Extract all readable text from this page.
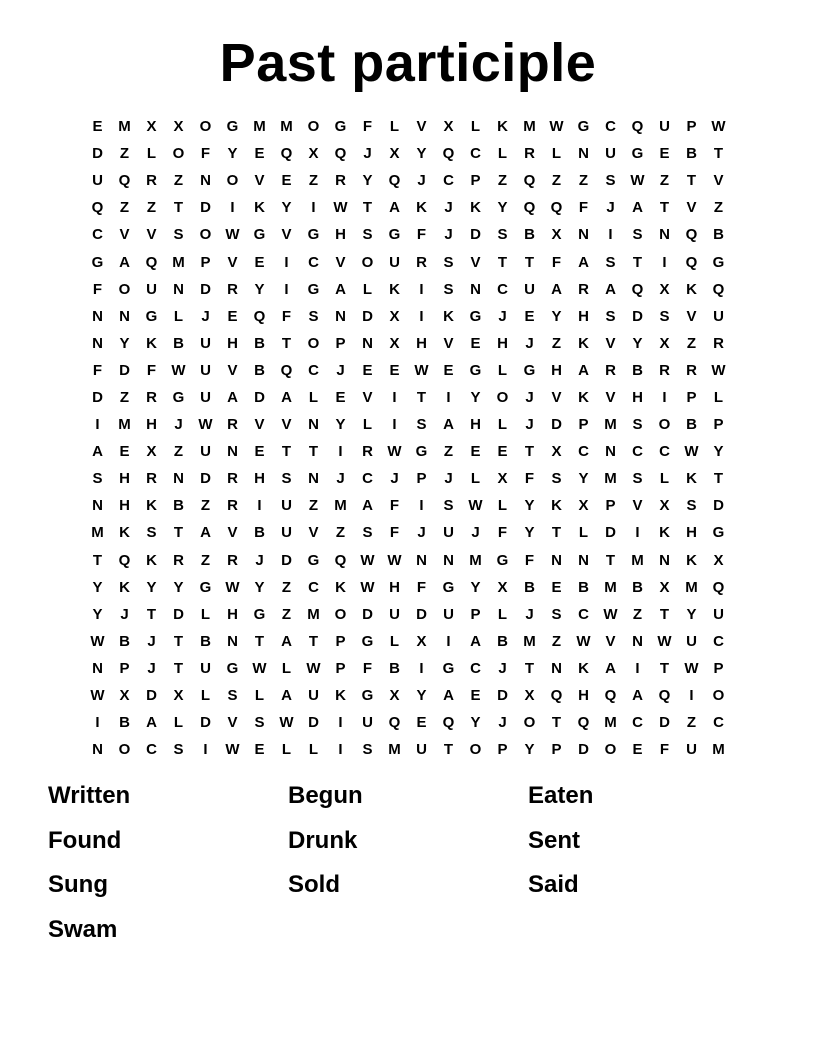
Past participle
E	M	X	X	O	G M M O	G	F	L	V	X	L	K	M W G	C	Q	U	P W
D	Z	L	O	F	Y	E	Q	X	Q	J	X	Y	Q	C	L	R	L	N	U	G	E	B	T
U	Q	R	Z	N	O	V	E	Z	R	Y	Q	J	C	P	Z	Q	Z	Z	S W	Z	T	V
Q	Z	Z	T	D	I	K	Y	I	W	T	A	K	J	K	Y	Q	Q	F	J	A	T	V	Z
C	V	V	S	O W G	V	G	H	S	G	F	J	D	S	B	X	N	I	S	N	Q	B
G	A	Q M	P	V	E	I	C	V	O	U	R	S	V	T	T	F	A	S	T	I	Q	G
F	O	U	N	D	R	Y	I	G	A	L	K	I	S	N	C	U	A	R	A	Q	X	K	Q
N	N	G	L	J	E	Q	F	S	N	D	X	I	K	G	J	E	Y	H	S	D	S	V	U
N	Y	K	B	U	H	B	T	O	P	N	X	H	V	E	H	J	Z	K	V	Y	X	Z	R
F	D	F	W U	V	B	Q	C	J	E	E W E	G	L	G	H	A	R	B	R	R W
D	Z	R	G	U	A	D	A	L	E	V	I	T	I	Y	O	J	V	K	V	H	I	P	L
I	M	H	J	W R	V	V	N	Y	L	I	S	A	H	L	J	D	P	M	S	O	B	P
A	E	X	Z	U	N	E	T	T	I	R W G	Z	E	E	T	X	C	N	C	C W Y
S	H	R	N	D	R	H	S	N	J	C	J	P	J	L	X	F	S	Y	M	S	L	K	T
N	H	K	B	Z	R	I	U	Z	M	A	F	I	S W	L	Y	K	X	P	V	X	S	D
M	K	S	T	A	V	B	U	V	Z	S	F	J	U	J	F	Y	T	L	D	I	K	H	G
T	Q	K	R	Z	R	J	D	G	Q W W N	N	M G	F	N	N	T	M	N	K	X
Y	K	Y	Y	G W Y	Z	C	K W H	F	G	Y	X	B	E	B	M	B	X	M Q
Y	J	T	D	L	H	G	Z	M O	D	U	D	U	P	L	J	S	C W	Z	T	Y	U
W B	J	T	B	N	T	A	T	P	G	L	X	I	A	B	M	Z	W V	N W U	C
N	P	J	T	U	G W	L	W P	F	B	I	G	C	J	T	N	K	A	I	T	W P
W X	D	X	L	S	L	A	U	K	G	X	Y	A	E	D	X	Q	H	Q	A	Q	I	O
I	B	A	L	D	V	S W D	I	U	Q	E	Q	Y	J	O	T	Q M	C	D	Z	C
N	O	C	S	I	W E	L	L	I	S	M	U	T	O	P	Y	P	D	O	E	F	U	M
Written	Begun	Eaten
Found	Drunk	Sent
Sung	Sold	Said
Swam
